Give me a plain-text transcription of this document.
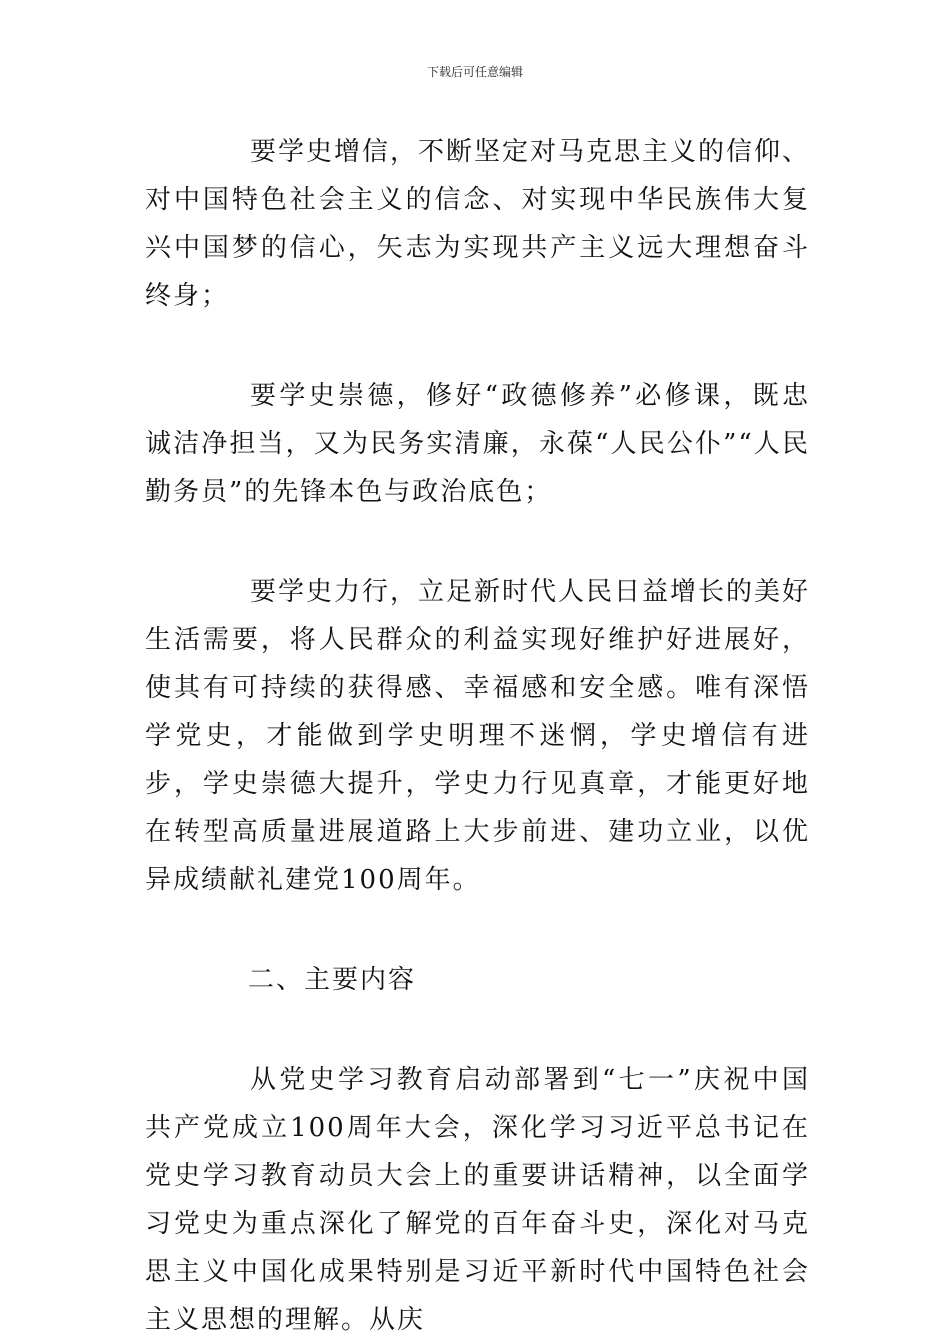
下载后可任意编辑

要学史增信，不断坚定对马克思主义的信仰、对中国特色社会主义的信念、对实现中华民族伟大复兴中国梦的信心，矢志为实现共产主义远大理想奋斗终身；

要学史崇德，修好“政德修养”必修课，既忠诚洁净担当，又为民务实清廉，永葆“人民公仆”“人民勤务员”的先锋本色与政治底色；

要学史力行，立足新时代人民日益增长的美好生活需要，将人民群众的利益实现好维护好进展好，使其有可持续的获得感、幸福感和安全感。唯有深悟学党史，才能做到学史明理不迷惘，学史增信有进步，学史崇德大提升，学史力行见真章，才能更好地在转型高质量进展道路上大步前进、建功立业，以优异成绩献礼建党100周年。

二、主要内容

从党史学习教育启动部署到“七一”庆祝中国共产党成立100周年大会，深化学习习近平总书记在党史学习教育动员大会上的重要讲话精神，以全面学习党史为重点深化了解党的百年奋斗史，深化对马克思主义中国化成果特别是习近平新时代中国特色社会主义思想的理解。从庆
